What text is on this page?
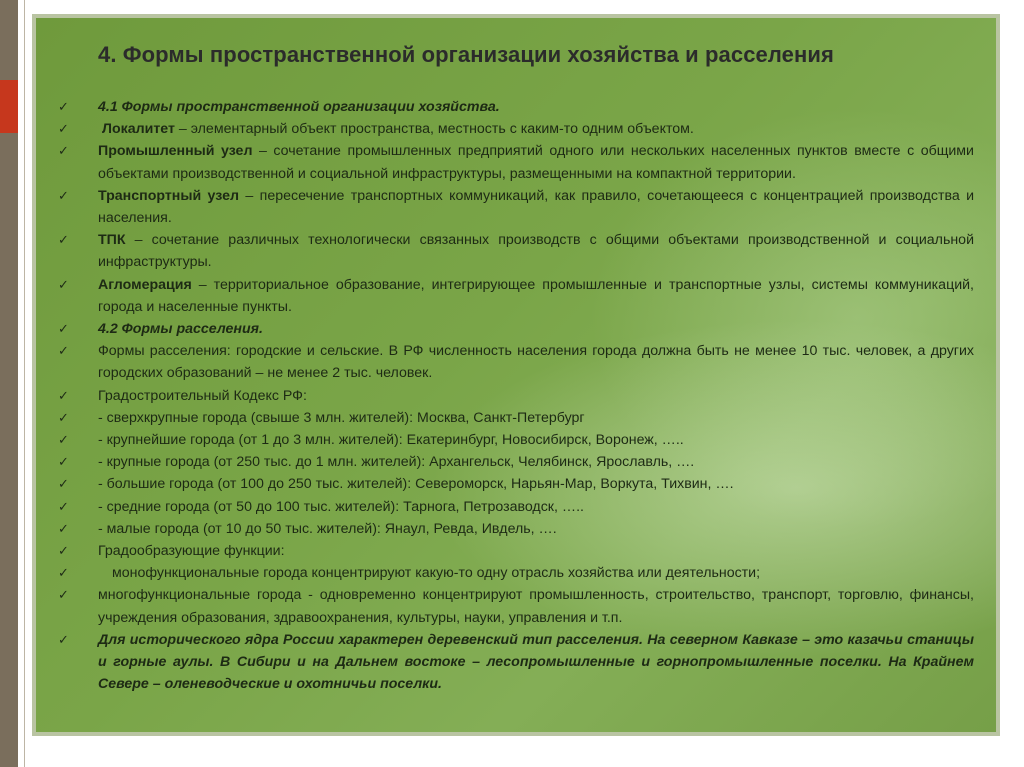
4. Формы пространственной организации хозяйства и расселения
✓	4.1 Формы пространственной организации хозяйства.
✓	Локалитет – элементарный объект пространства, местность с каким-то одним объектом.
✓	Промышленный узел – сочетание промышленных предприятий одного или нескольких населенных пунктов вместе с общими объектами производственной и социальной инфраструктуры, размещенными на компактной территории.
✓	Транспортный узел – пересечение транспортных коммуникаций, как правило, сочетающееся с концентрацией производства и населения.
✓	ТПК – сочетание различных технологически связанных производств с общими объектами производственной и социальной инфраструктуры.
✓	Агломерация – территориальное образование, интегрирующее промышленные и транспортные узлы, системы коммуникаций, города и населенные пункты.
✓	4.2 Формы расселения.
✓	Формы расселения: городские и сельские. В РФ численность населения города должна быть не менее 10 тыс. человек, а других городских образований – не менее 2 тыс. человек.
✓	Градостроительный Кодекс РФ:
✓	- сверхкрупные города (свыше 3 млн. жителей): Москва, Санкт-Петербург
✓	- крупнейшие города (от 1 до 3 млн. жителей): Екатеринбург, Новосибирск, Воронеж, …..
✓	- крупные города (от 250 тыс. до 1 млн. жителей): Архангельск, Челябинск, Ярославль, ….
✓	- большие города (от 100 до 250 тыс. жителей): Североморск, Нарьян-Мар, Воркута, Тихвин, ….
✓	- средние города (от 50 до 100 тыс. жителей): Тарнога, Петрозаводск, …..
✓	- малые города (от 10 до 50 тыс. жителей): Янаул, Ревда, Ивдель, ….
✓	Градообразующие функции:
✓	монофункциональные города концентрируют какую-то одну отрасль хозяйства или деятельности;
✓	многофункциональные города - одновременно концентрируют промышленность, строительство, транспорт, торговлю, финансы, учреждения образования, здравоохранения, культуры, науки, управления и т.п.
✓	Для исторического ядра России характерен деревенский тип расселения. На северном Кавказе – это казачьи станицы и горные аулы. В Сибири и на Дальнем востоке – лесопромышленные и горнопромышленные поселки. На Крайнем Севере – оленеводческие и охотничьи поселки.
